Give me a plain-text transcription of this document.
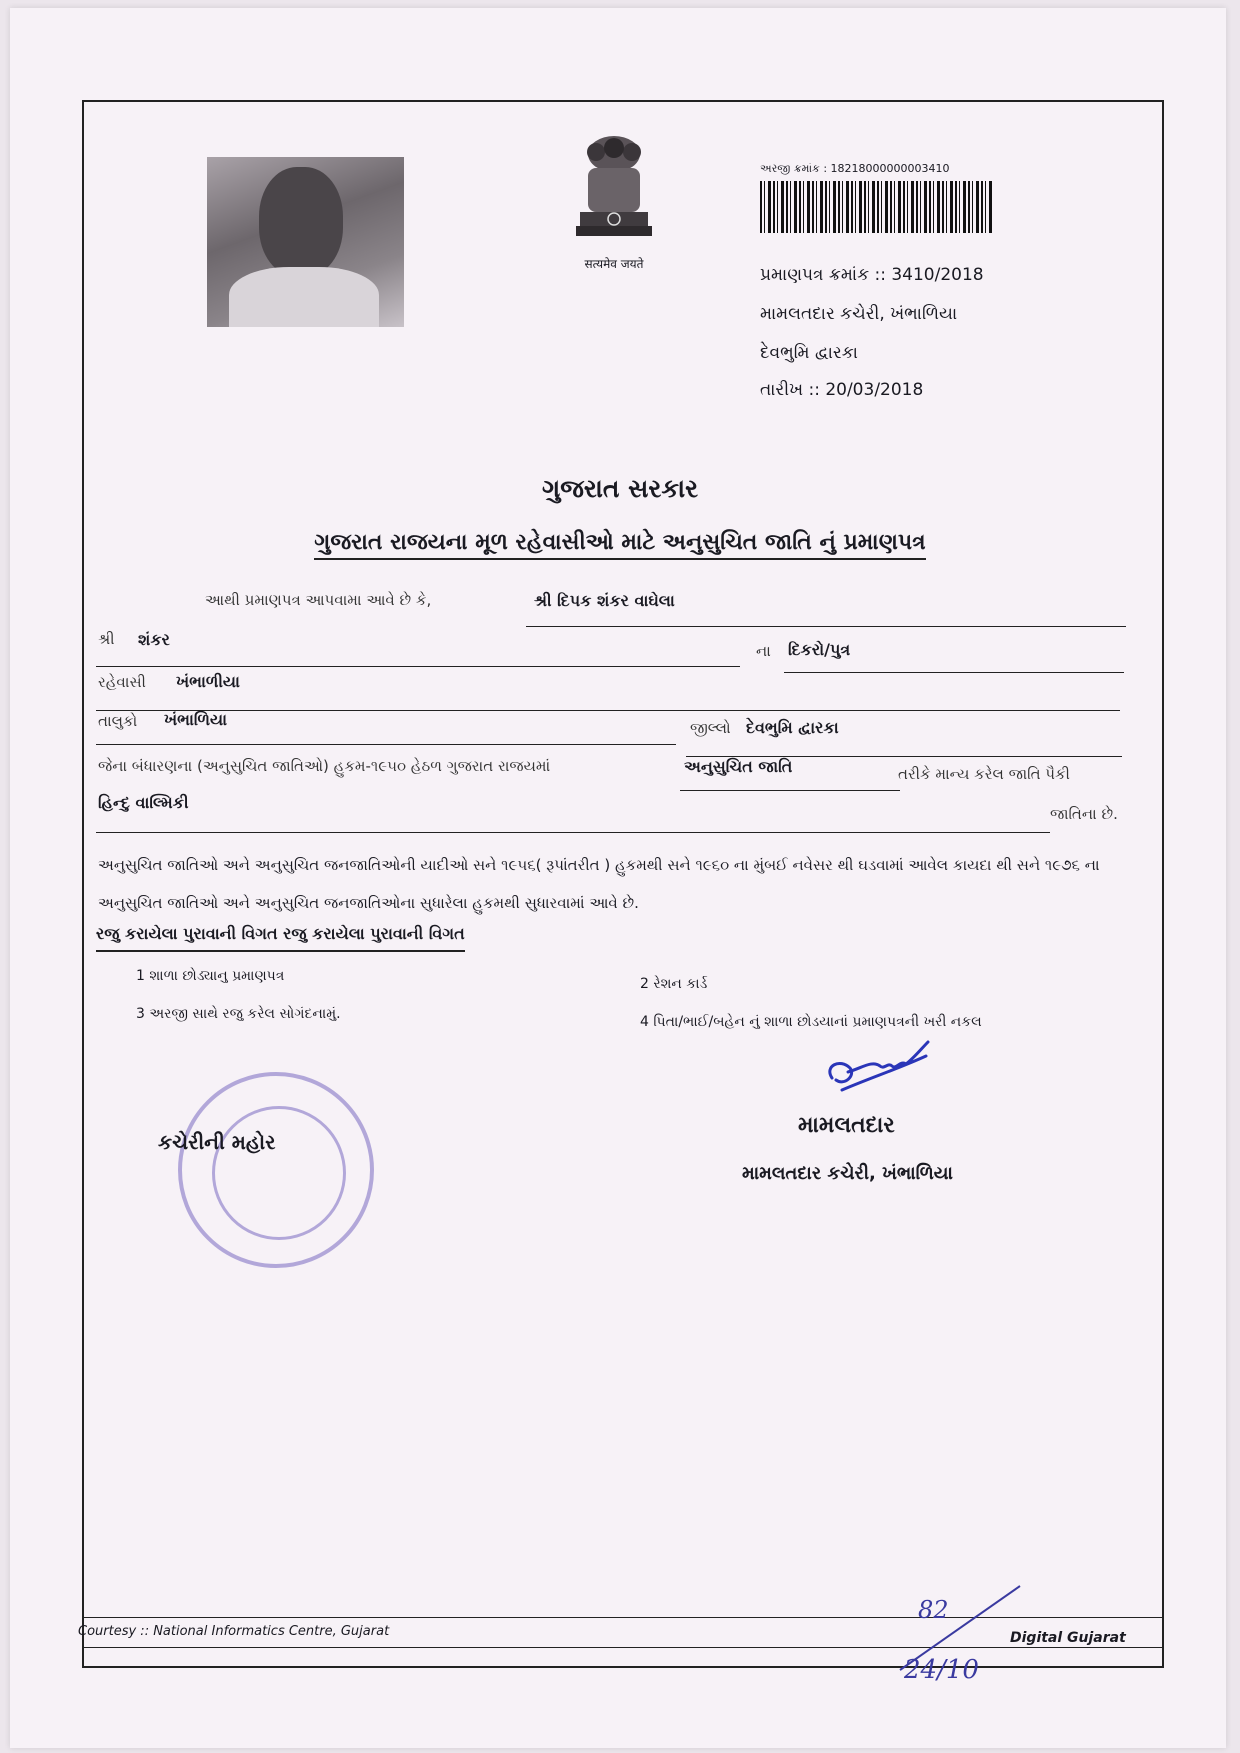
सत्यमेव जयते
અરજી ક્રમાંક : 18218000000003410
પ્રમાણપત્ર ક્રમાંક :: 3410/2018
મામલતદાર કચેરી, ખંભાળિયા
દેવભુમિ દ્વારકા
તારીખ :: 20/03/2018
ગુજરાત સરકાર
ગુજરાત રાજયના મૂળ રહેવાસીઓ માટે અનુસુચિત જાતિ નું પ્રમાણપત્ર
આથી પ્રમાણપત્ર આપવામા આવે છે કે,	શ્રી દિપક શંકર વાઘેલા
શ્રી શંકર
ના દિકરો/પુત્ર
રહેવાસી ખંભાળીયા
તાલુકો ખંભાળિયા	જીલ્લો દેવભુમિ દ્વારકા
જેના બંધારણના (અનુસુચિત જાતિઓ) હુકમ-૧૯૫૦ હેઠળ ગુજરાત રાજયમાં	અનુસુચિત જાતિ	તરીકે માન્ય કરેલ જાતિ પૈકી
હિન્દુ વાલ્મિકી
જાતિના છે.
અનુસુચિત જાતિઓ અને અનુસુચિત જનજાતિઓની યાદીઓ સને ૧૯૫૬( રૂપાંતરીત ) હુકમથી સને ૧૯૬૦ ના મુંબઈ નવેસર થી ઘડવામાં આવેલ કાયદા થી સને ૧૯૭૬ ના અનુસુચિત જાતિઓ અને અનુસુચિત જનજાતિઓના સુધારેલા હુકમથી સુધારવામાં આવે છે.
રજુ કરાયેલા પુરાવાની વિગત રજુ કરાયેલા પુરાવાની વિગત
1 શાળા છોડ્યાનુ પ્રમાણપત્ર	2 રેશન કાર્ડ
3 અરજી સાથે રજુ કરેલ સોગંદનામું.	4 પિતા/ભાઈ/બહેન નું શાળા છોડયાનાં પ્રમાણપત્રની ખરી નકલ
કચેરીની મહોર
મામલતદાર
મામલતદાર કચેરી, ખંભાળિયા
Courtesy :: National Informatics Centre, Gujarat	Digital Gujarat
82
24/10
